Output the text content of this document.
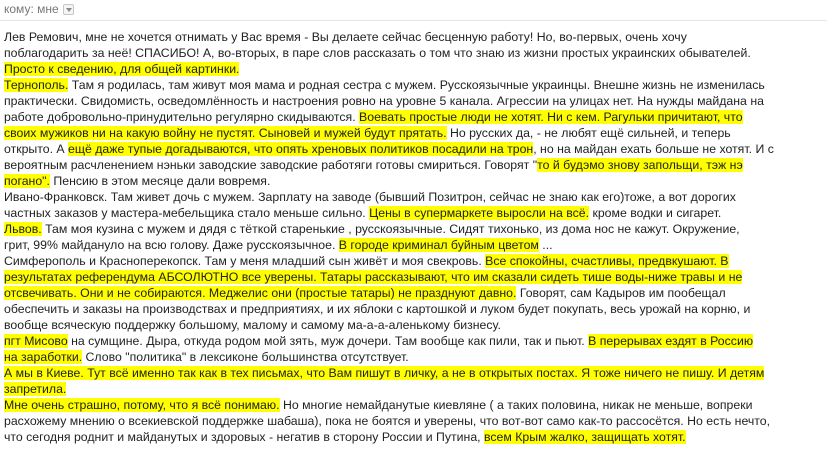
кому: мне
Лев Ремович, мне не хочется отнимать у Вас время - Вы делаете сейчас бесценную работу! Но, во-первых, очень хочу
поблагодарить за неё! СПАСИБО! А, во-вторых, в паре слов рассказать о том что знаю из жизни простых украинских обывателей.
Просто к сведению, для общей картинки.
Тернополь. Там я родилась, там живут моя мама и родная сестра с мужем. Русскоязычные украинцы. Внешне жизнь не изменилась
практически. Свидомисть, осведомлённость и настроения ровно на уровне 5 канала. Агрессии на улицах нет. На нужды майдана на
работе добровольно-принудительно регулярно скидываются. Воевать простые люди не хотят. Ни с кем. Рагульки причитают, что
своих мужиков ни на какую войну не пустят. Сыновей и мужей будут прятать. Но русских да, - не любят ещё сильней, и теперь
открыто. А ещё даже тупые догадываются, что опять хреновых политиков посадили на трон, но на майдан ехать больше не хотят. И с
вероятным расчленением нэньки заводские заводские работяги готовы смириться. Говорят "то й будэмо знову запольщи, тэж нэ
погано". Пенсию в этом месяце дали вовремя.
Ивано-Франковск. Там живет дочь с мужем. Зарплату на заводе (бывший Позитрон, сейчас не знаю как его)тоже, а вот дорогих
частных заказов у мастера-мебельщика стало меньше сильно. Цены в супермаркете выросли на всё. кроме водки и сигарет.
Львов. Там моя кузина с мужем и дядя с тёткой старенькие , русскоязычные. Сидят тихонько, из дома нос не кажут. Окружение,
грит, 99% майдануло на всю голову. Даже русскоязычное. В городе криминал буйным цветом ...
Симферополь и Красноперекопск. Там у меня младший сын живёт и моя свекровь. Все спокойны, счастливы, предвкушают. В
результатах референдума АБСОЛЮТНО все уверены. Татары рассказывают, что им сказали сидеть тише воды-ниже травы и не
отсвечивать. Они и не собираются. Меджелис они (простые татары) не празднуют давно. Говорят, сам Кадыров им пообещал
обеспечить и заказы на производствах и предприятиях, и их яблоки с картошкой и луком будет покупать, весь урожай на корню, и
вообще всяческую поддержку большому, малому и самому ма-а-а-аленькому бизнесу.
пгт Мисово на сумщине. Дыра, откуда родом мой зять, муж дочери. Там вообще как пили, так и пьют. В перерывах ездят в Россию
на заработки. Слово "политика" в лексиконе большинства отсутствует.
А мы в Киеве. Тут всё именно так как в тех письмах, что Вам пишут в личку, а не в открытых постах. Я тоже ничего не пишу. И детям
запретила.
Мне очень страшно, потому, что я всё понимаю. Но многие немайданутые киевляне ( а таких половина, никак не меньше, вопреки
расхожему мнению о всекиевской поддержке шабаша), пока не боятся и уверены, что вот-вот само как-то рассосётся. Но есть нечто,
что сегодня роднит и майданутых и здоровых - негатив в сторону России и Путина, всем Крым жалко, защищать хотят.
